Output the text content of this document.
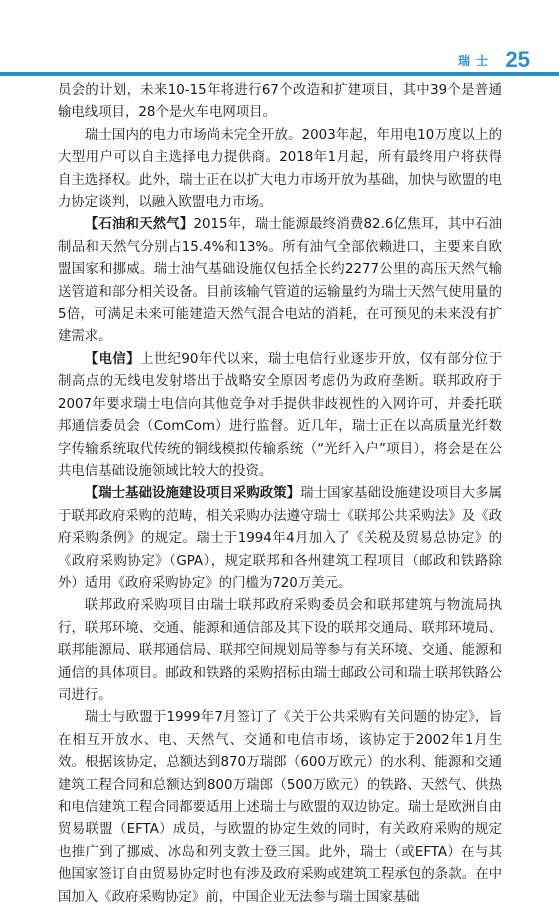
瑞士 25

员会的计划，未来10-15年将进行67个改造和扩建项目，其中39个是普通输电线项目，28个是火车电网项目。

瑞士国内的电力市场尚未完全开放。2003年起，年用电10万度以上的大型用户可以自主选择电力提供商。2018年1月起，所有最终用户将获得自主选择权。此外，瑞士正在以扩大电力市场开放为基础，加快与欧盟的电力协定谈判，以融入欧盟电力市场。

【石油和天然气】2015年，瑞士能源最终消费82.6亿焦耳，其中石油制品和天然气分别占15.4%和13%。所有油气全部依赖进口，主要来自欧盟国家和挪威。瑞士油气基础设施仅包括全长约2277公里的高压天然气输送管道和部分相关设备。目前该输气管道的运输量约为瑞士天然气使用量的5倍，可满足未来可能建造天然气混合电站的消耗，在可预见的未来没有扩建需求。

【电信】上世纪90年代以来，瑞士电信行业逐步开放，仅有部分位于制高点的无线电发射塔出于战略安全原因考虑仍为政府垄断。联邦政府于2007年要求瑞士电信向其他竞争对手提供非歧视性的入网许可，并委托联邦通信委员会（ComCom）进行监督。近几年，瑞士正在以高质量光纤数字传输系统取代传统的铜线模拟传输系统（“光纤入户”项目），将会是在公共电信基础设施领域比较大的投资。

【瑞士基础设施建设项目采购政策】瑞士国家基础设施建设项目大多属于联邦政府采购的范畴，相关采购办法遵守瑞士《联邦公共采购法》及《政府采购条例》的规定。瑞士于1994年4月加入了《关税及贸易总协定》的《政府采购协定》（GPA），规定联邦和各州建筑工程项目（邮政和铁路除外）适用《政府采购协定》的门槛为720万美元。

联邦政府采购项目由瑞士联邦政府采购委员会和联邦建筑与物流局执行，联邦环境、交通、能源和通信部及其下设的联邦交通局、联邦环境局、联邦能源局、联邦通信局、联邦空间规划局等参与有关环境、交通、能源和通信的具体项目。邮政和铁路的采购招标由瑞士邮政公司和瑞士联邦铁路公司进行。

瑞士与欧盟于1999年7月签订了《关于公共采购有关问题的协定》，旨在相互开放水、电、天然气、交通和电信市场，该协定于2002年1月生效。根据该协定，总额达到870万瑞郎（600万欧元）的水利、能源和交通建筑工程合同和总额达到800万瑞郎（500万欧元）的铁路、天然气、供热和电信建筑工程合同都要适用上述瑞士与欧盟的双边协定。瑞士是欧洲自由贸易联盟（EFTA）成员，与欧盟的协定生效的同时，有关政府采购的规定也推广到了挪威、冰岛和列支敦士登三国。此外，瑞士（或EFTA）在与其他国家签订自由贸易协定时也有涉及政府采购或建筑工程承包的条款。在中国加入《政府采购协定》前，中国企业无法参与瑞士国家基础
